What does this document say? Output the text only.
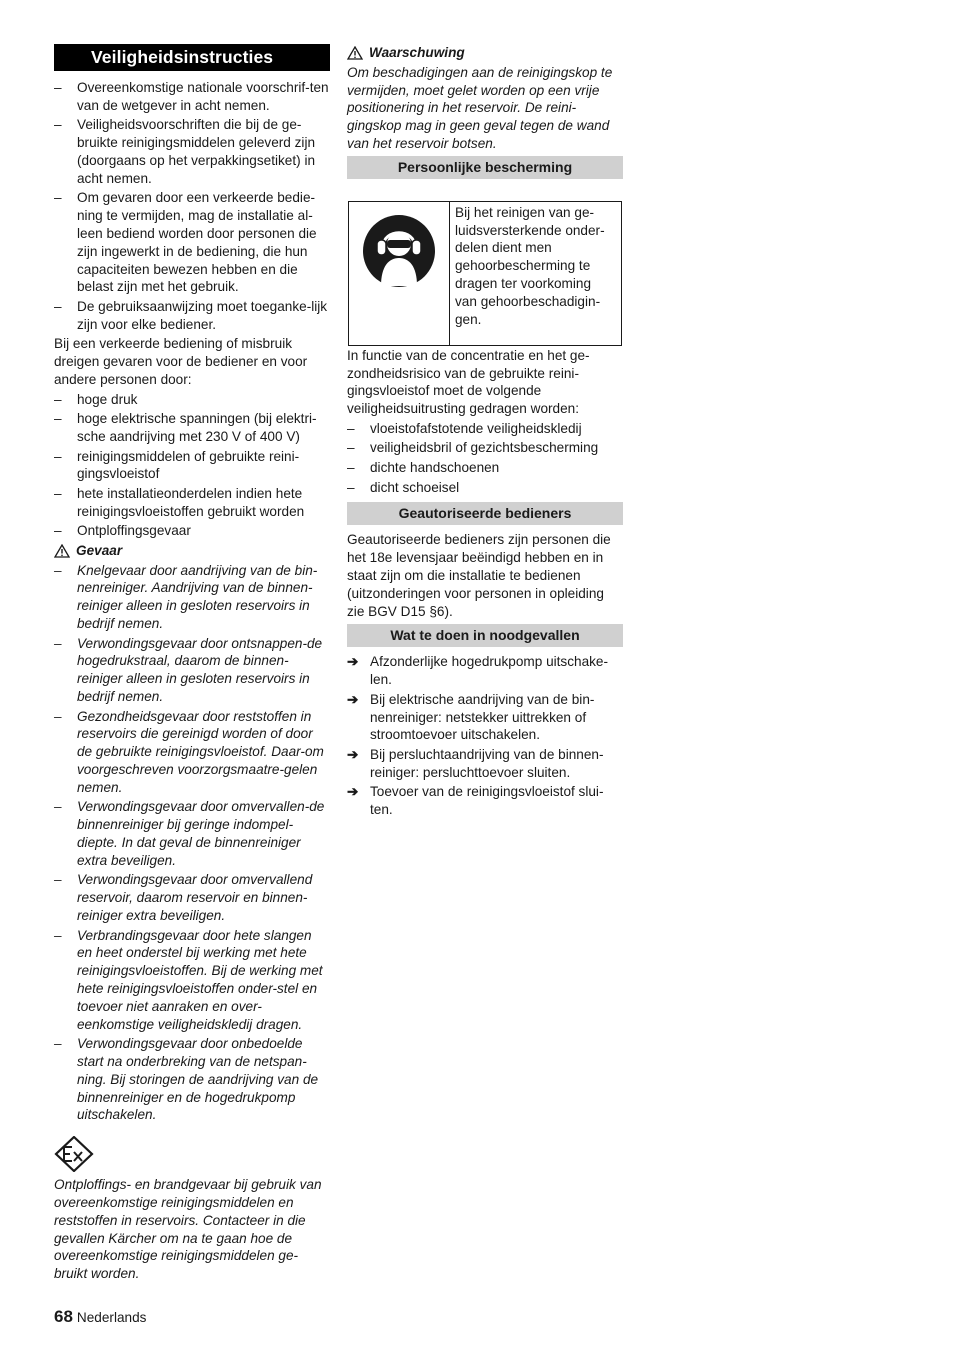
Veiligheidsinstructies
– Overeenkomstige nationale voorschrif-ten van de wetgever in acht nemen.
– Veiligheidsvoorschriften die bij de ge-bruikte reinigingsmiddelen geleverd zijn (doorgaans op het verpakkingsetiket) in acht nemen.
– Om gevaren door een verkeerde bedie-ning te vermijden, mag de installatie al-leen bediend worden door personen die zijn ingewerkt in de bediening, die hun capaciteiten bewezen hebben en die belast zijn met het gebruik.
– De gebruiksaanwijzing moet toeganke-lijk zijn voor elke bediener.

Bij een verkeerde bediening of misbruik dreigen gevaren voor de bediener en voor andere personen door:

– hoge druk
– hoge elektrische spanningen (bij elektri-sche aandrijving met 230 V of 400 V)
– reinigingsmiddelen of gebruikte reini-gingsvloeistof
– hete installatieonderdelen indien hete reinigingsvloeistoffen gebruikt worden
– Ontploffingsgevaar
Gevaar
– Knelgevaar door aandrijving van de bin-nenreiniger. Aandrijving van de binnen-reiniger alleen in gesloten reservoirs in bedrijf nemen.
– Verwondingsgevaar door ontsnappen-de hogedrukstraal, daarom de binnen-reiniger alleen in gesloten reservoirs in bedrijf nemen.
– Gezondheidsgevaar door reststoffen in reservoirs die gereinigd worden of door de gebruikte reinigingsvloeistof. Daar-om voorgeschreven voorzorgsmaatre-gelen nemen.
– Verwondingsgevaar door omvervallen-de binnenreiniger bij geringe indompel-diepte. In dat geval de binnenreiniger extra beveiligen.
– Verwondingsgevaar door omvervallend reservoir, daarom reservoir en binnen-reiniger extra beveiligen.
– Verbrandingsgevaar door hete slangen en heet onderstel bij werking met hete reinigingsvloeistoffen. Bij de werking met hete reinigingsvloeistoffen onder-stel en toevoer niet aanraken en over-eenkomstige veiligheidskledij dragen.
– Verwondingsgevaar door onbedoelde start na onderbreking van de netspan-ning. Bij storingen de aandrijving van de binnenreiniger en de hogedrukpomp uitschakelen.

Ontploffings- en brandgevaar bij gebruik van overeenkomstige reinigingsmiddelen en reststoffen in reservoirs. Contacteer in die gevallen Kärcher om na te gaan hoe de overeenkomstige reinigingsmiddelen ge-bruikt worden.

Waarschuwing

Om beschadigingen aan de reinigingskop te vermijden, moet gelet worden op een vrije positionering in het reservoir. De reini-gingskop mag in geen geval tegen de wand van het reservoir botsen.

Persoonlijke bescherming
	Bij het reinigen van ge-luidsversterkende onder-delen dient men gehoorbescherming te dragen ter voorkoming van gehoorbeschadigin-gen.

In functie van de concentratie en het ge-zondheidsrisico van de gebruikte reini-gingsvloeistof moet de volgende veiligheidsuitrusting gedragen worden:

– vloeistofafstotende veiligheidskledij
– veiligheidsbril of gezichtsbescherming
– dichte handschoenen
– dicht schoeisel
Geautoriseerde bedieners

Geautoriseerde bedieners zijn personen die het 18e levensjaar beëindigd hebben en in staat zijn om die installatie te bedienen (uitzonderingen voor personen in opleiding zie BGV D15 §6).

Wat te doen in noodgevallen
➔ Afzonderlijke hogedrukpomp uitschake-len.
➔ Bij elektrische aandrijving van de bin-nenreiniger: netstekker uittrekken of stroomtoevoer uitschakelen.
➔ Bij persluchtaandrijving van de binnen-reiniger: persluchttoevoer sluiten.
➔ Toevoer van de reinigingsvloeistof slui-ten.
68 Nederlands
